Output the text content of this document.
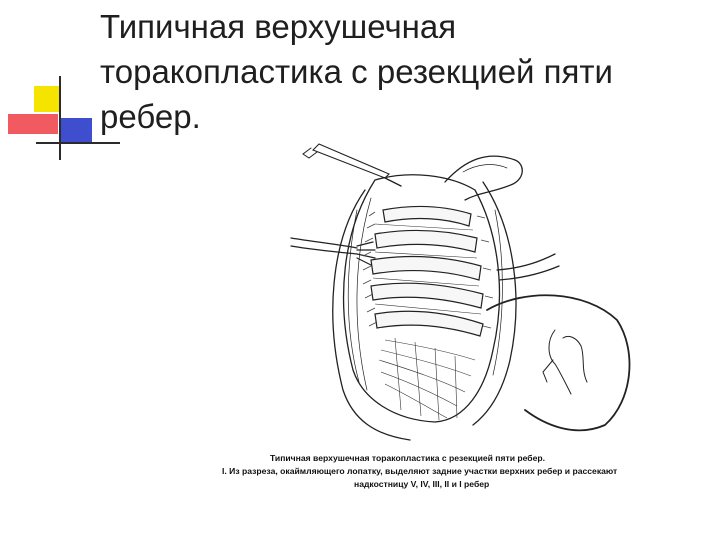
Типичная верхушечная
торакопластика с резекцией пяти
ребер.
Типичная верхушечная торакопластика с резекцией пяти ребер.
I. Из разреза, окаймляющего лопатку, выделяют задние участки верхних ребер и рассекают
надкостницу V, IV, III, II и I ребер
